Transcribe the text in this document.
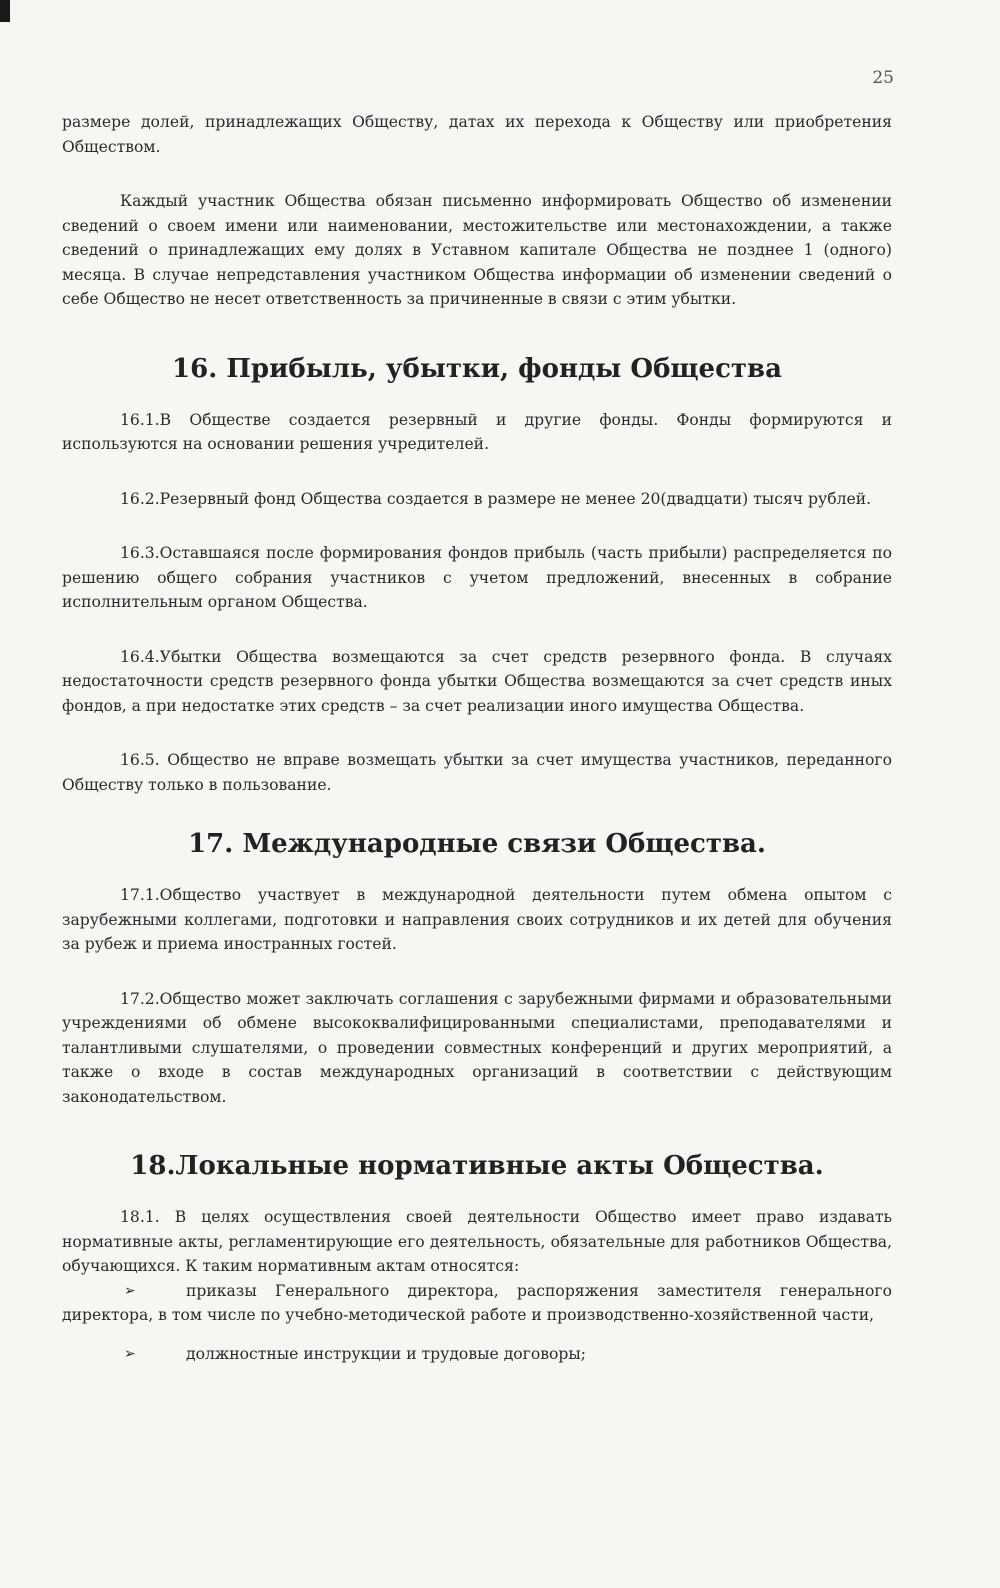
25

размере долей, принадлежащих Обществу, датах их перехода к Обществу или приобретения Обществом.

Каждый участник Общества обязан письменно информировать Общество об изменении сведений о своем имени или наименовании, местожительстве или местонахождении, а также сведений о принадлежащих ему долях в Уставном капитале Общества не позднее 1 (одного) месяца. В случае непредставления участником Общества информации об изменении сведений о себе Общество не несет ответственность за причиненные в связи с этим убытки.

16. Прибыль, убытки, фонды Общества

16.1.В Обществе создается резервный и другие фонды. Фонды формируются и используются на основании решения учредителей.

16.2.Резервный фонд Общества создается в размере не менее 20(двадцати) тысяч рублей.

16.3.Оставшаяся после формирования фондов прибыль (часть прибыли) распределяется по решению общего собрания участников с учетом предложений, внесенных в собрание исполнительным органом Общества.

16.4.Убытки Общества возмещаются за счет средств резервного фонда. В случаях недостаточности средств резервного фонда убытки Общества возмещаются за счет средств иных фондов, а при недостатке этих средств – за счет реализации иного имущества Общества.

16.5. Общество не вправе возмещать убытки за счет имущества участников, переданного Обществу только в пользование.

17. Международные связи Общества.

17.1.Общество участвует в международной деятельности путем обмена опытом с зарубежными коллегами, подготовки и направления своих сотрудников и их детей для обучения за рубеж и приема иностранных гостей.

17.2.Общество может заключать соглашения с зарубежными фирмами и образовательными учреждениями об обмене высококвалифицированными специалистами, преподавателями и талантливыми слушателями, о проведении совместных конференций и других мероприятий, а также о входе в состав международных организаций в соответствии с действующим законодательством.

18.Локальные нормативные акты Общества.

18.1. В целях осуществления своей деятельности Общество имеет право издавать нормативные акты, регламентирующие его деятельность, обязательные для работников Общества, обучающихся. К таким нормативным актам относятся:

➢	приказы Генерального директора, распоряжения заместителя генерального директора, в том числе по учебно-методической работе и производственно-хозяйственной части,

➢	должностные инструкции и трудовые договоры;
